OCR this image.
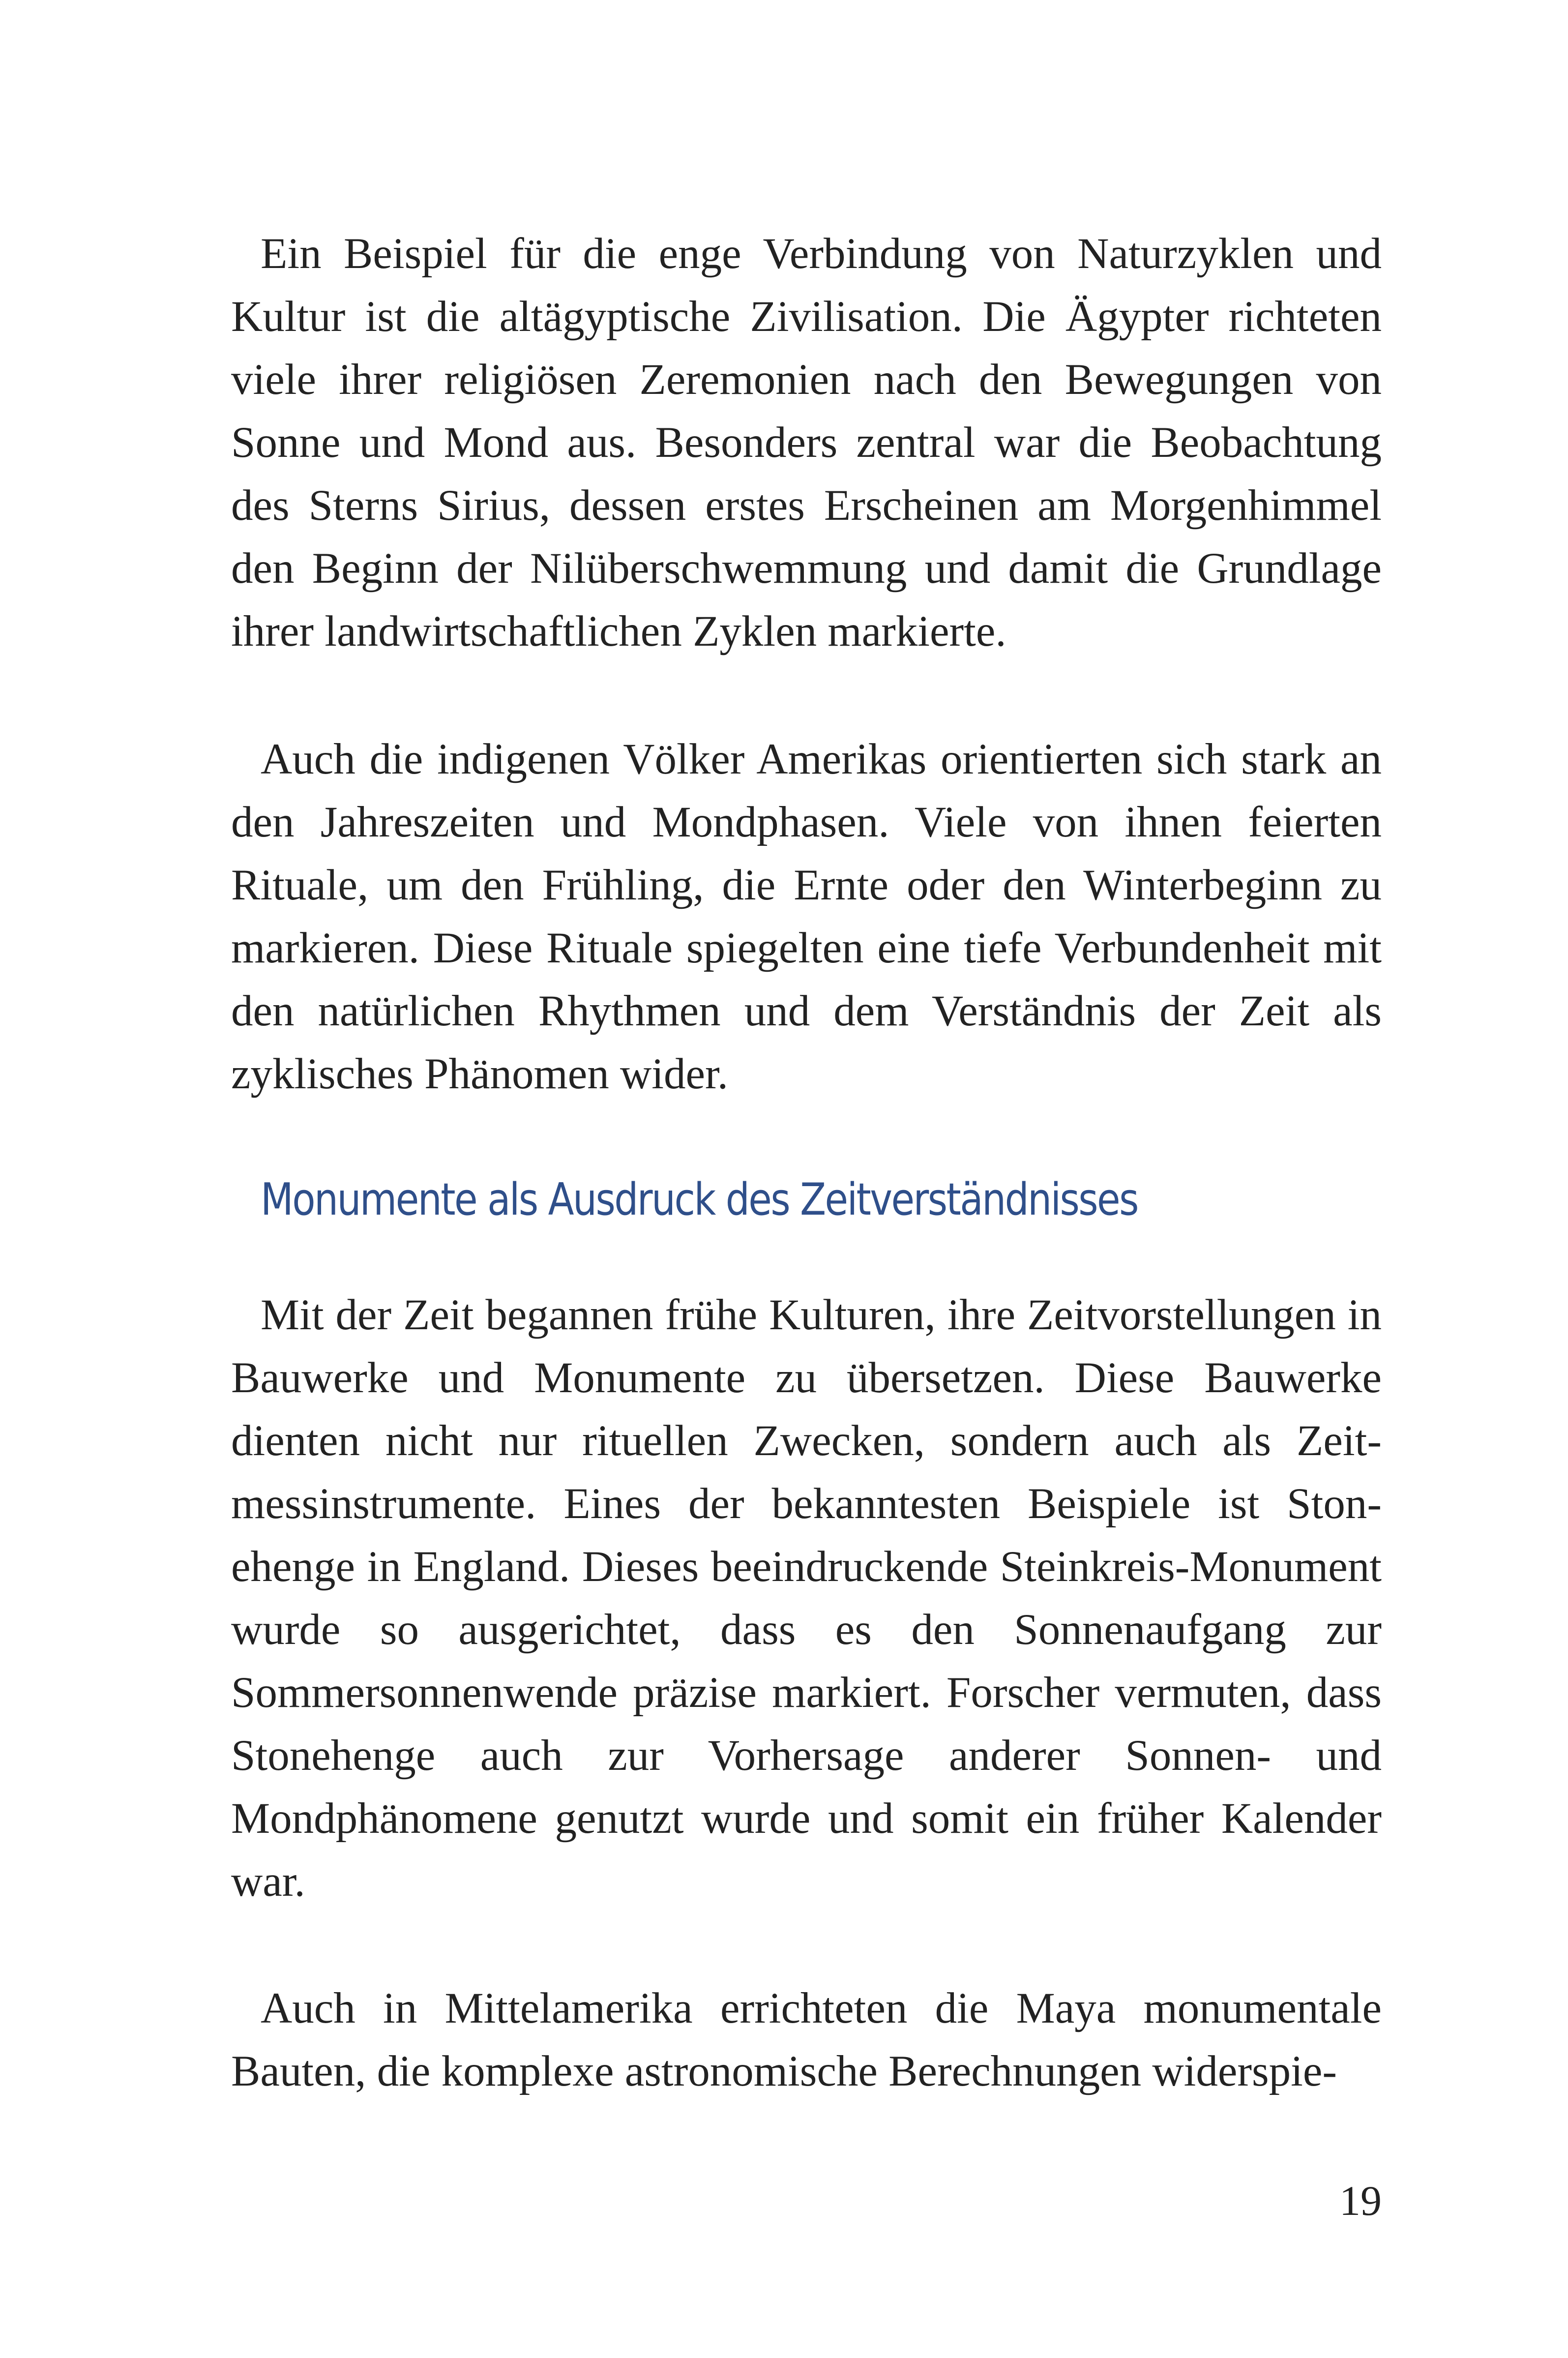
Ein Beispiel für die enge Verbindung von Naturzyklen und Kultur ist die altägyptische Zivilisation. Die Ägypter richteten viele ihrer religiösen Zeremonien nach den Bewegungen von Sonne und Mond aus. Besonders zentral war die Beobachtung des Sterns Sirius, dessen erstes Erscheinen am Morgenhimmel den Beginn der Nilüberschwemmung und damit die Grundlage ihrer landwirtschaftlichen Zyklen markierte.

Auch die indigenen Völker Amerikas orientierten sich stark an den Jahreszeiten und Mondphasen. Viele von ihnen feierten Rituale, um den Frühling, die Ernte oder den Winterbeginn zu markieren. Diese Rituale spiegelten eine tiefe Verbundenheit mit den natürlichen Rhythmen und dem Verständnis der Zeit als zyklisches Phänomen wider.

Monumente als Ausdruck des Zeitverständnisses

Mit der Zeit begannen frühe Kulturen, ihre Zeitvorstellungen in Bauwerke und Monumente zu übersetzen. Diese Bauwerke dienten nicht nur rituellen Zwecken, sondern auch als Zeitmessinstrumente. Eines der bekanntesten Beispiele ist Stonehenge in England. Dieses beeindruckende Steinkreis-Monument wurde so ausgerichtet, dass es den Sonnenaufgang zur Sommersonnenwende präzise markiert. Forscher vermuten, dass Stonehenge auch zur Vorhersage anderer Sonnen- und Mondphänomene genutzt wurde und somit ein früher Kalender war.

Auch in Mittelamerika errichteten die Maya monumentale Bauten, die komplexe astronomische Berechnungen widerspie-

19
